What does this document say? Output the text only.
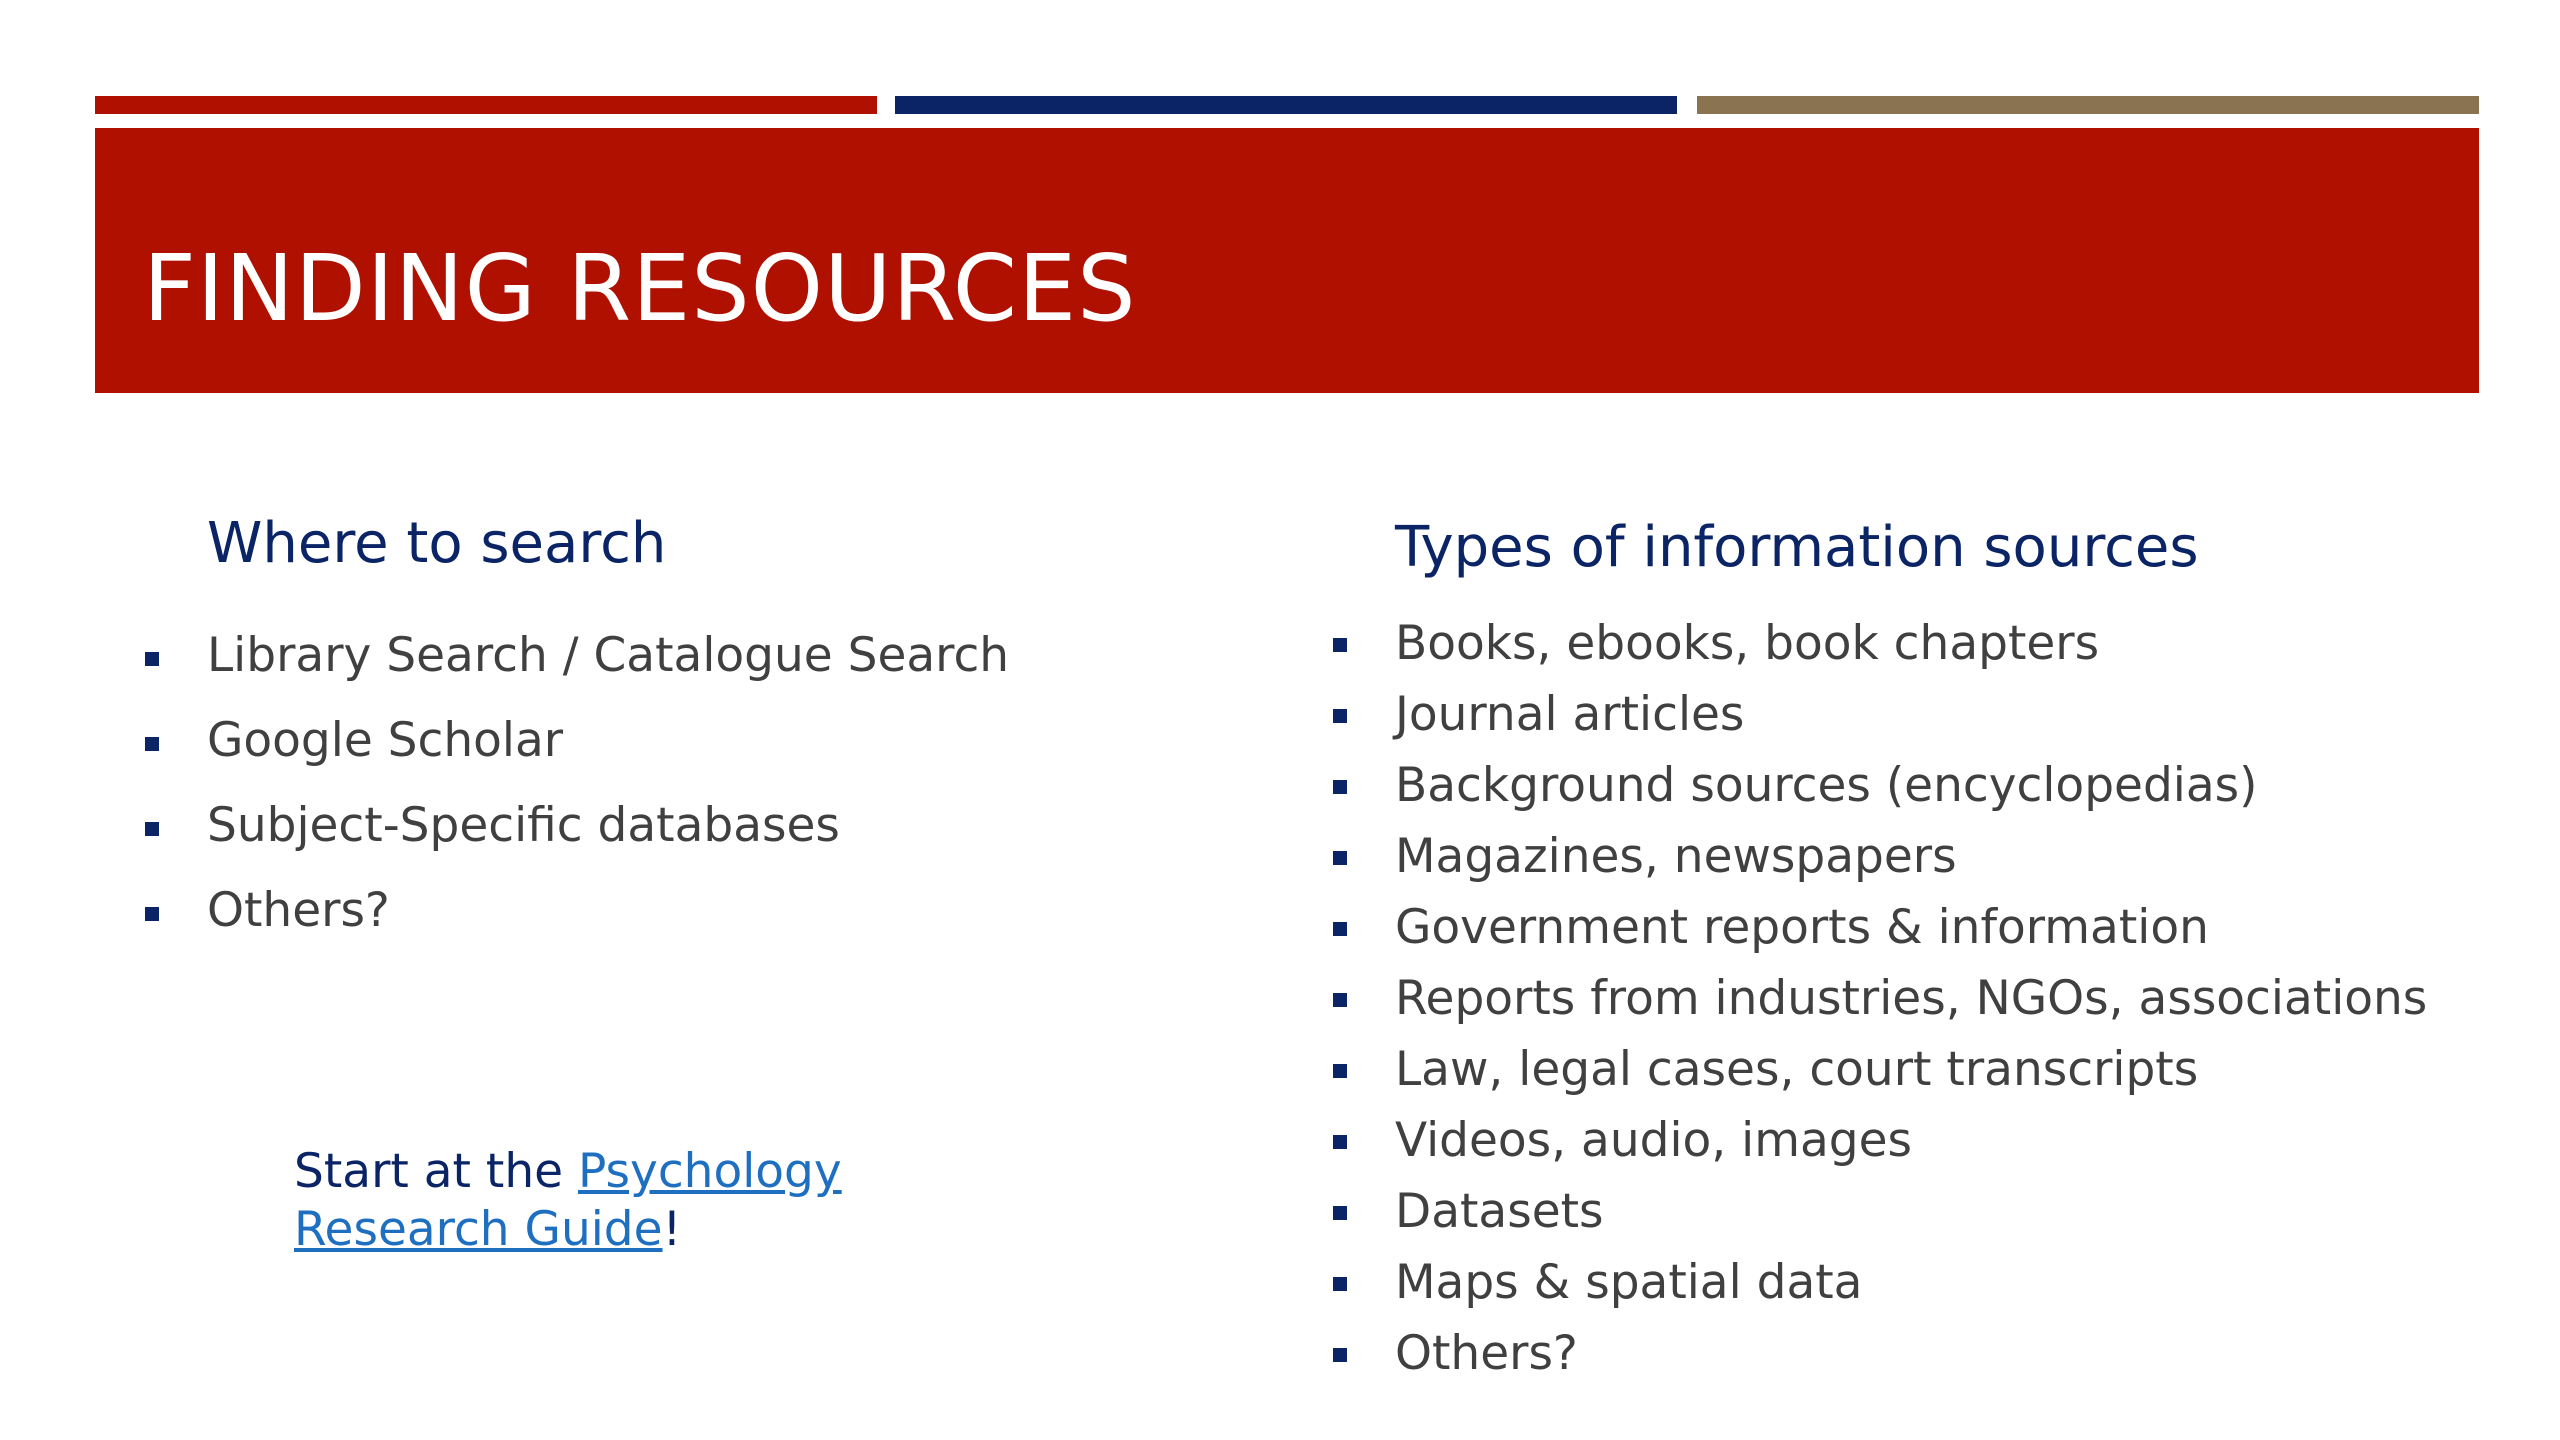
FINDING RESOURCES
Where to search
Library Search / Catalogue Search
Google Scholar
Subject-Specific databases
Others?
Types of information sources
Books, ebooks, book chapters
Journal articles
Background sources (encyclopedias)
Magazines, newspapers
Government reports & information
Reports from industries, NGOs, associations
Law, legal cases, court transcripts
Videos, audio, images
Datasets
Maps & spatial data
Others?

Start at the Psychology Research Guide!
